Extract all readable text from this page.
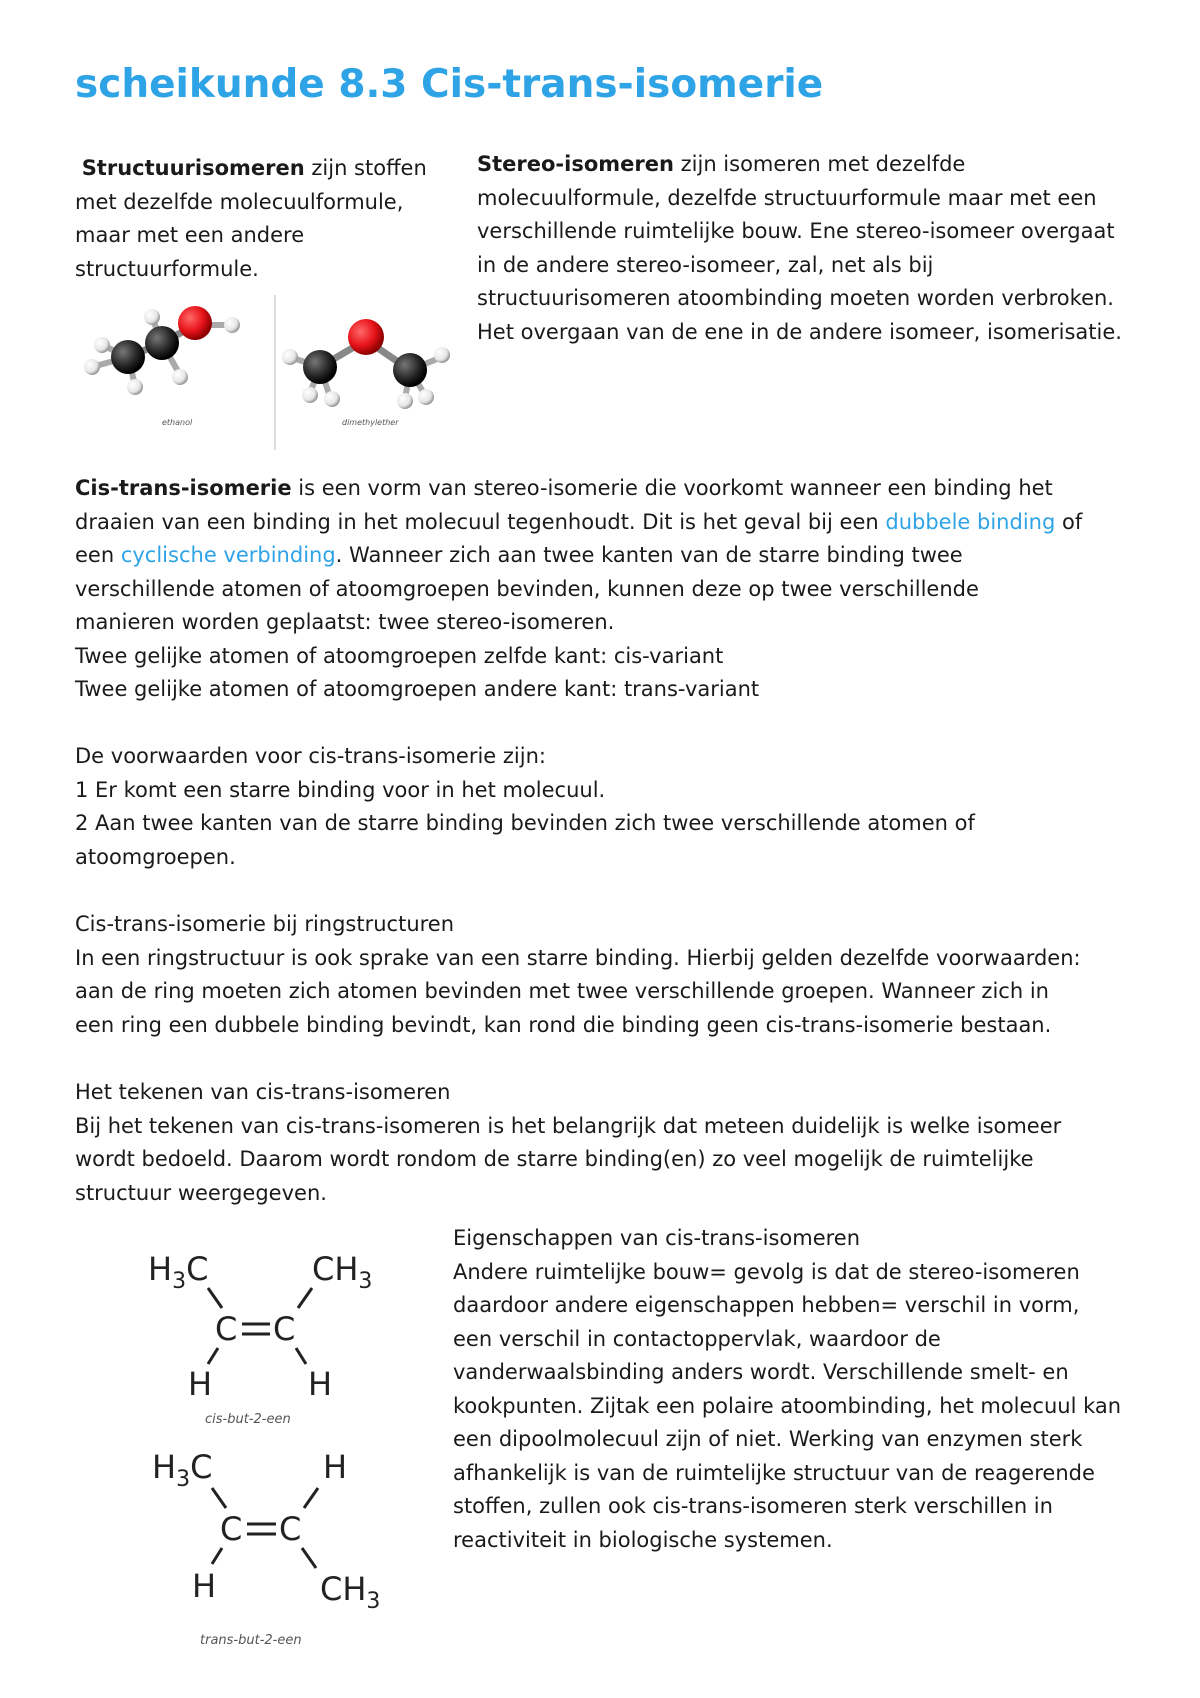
scheikunde 8.3 Cis-trans-isomerie
Structuurisomeren zijn stoffen
met dezelfde molecuulformule,
maar met een andere
structuurformule.
ethanol	dimethylether
Stereo-isomeren zijn isomeren met dezelfde
molecuulformule, dezelfde structuurformule maar met een
verschillende ruimtelijke bouw. Ene stereo-isomeer overgaat
in de andere stereo-isomeer, zal, net als bij
structuurisomeren atoombinding moeten worden verbroken.
Het overgaan van de ene in de andere isomeer, isomerisatie.
Cis-trans-isomerie is een vorm van stereo-isomerie die voorkomt wanneer een binding het
draaien van een binding in het molecuul tegenhoudt. Dit is het geval bij een dubbele binding of
een cyclische verbinding. Wanneer zich aan twee kanten van de starre binding twee
verschillende atomen of atoomgroepen bevinden, kunnen deze op twee verschillende
manieren worden geplaatst: twee stereo-isomeren.
Twee gelijke atomen of atoomgroepen zelfde kant: cis-variant
Twee gelijke atomen of atoomgroepen andere kant: trans-variant
De voorwaarden voor cis-trans-isomerie zijn:
1 Er komt een starre binding voor in het molecuul.
2 Aan twee kanten van de starre binding bevinden zich twee verschillende atomen of
atoomgroepen.
Cis-trans-isomerie bij ringstructuren
In een ringstructuur is ook sprake van een starre binding. Hierbij gelden dezelfde voorwaarden:
aan de ring moeten zich atomen bevinden met twee verschillende groepen. Wanneer zich in
een ring een dubbele binding bevindt, kan rond die binding geen cis-trans-isomerie bestaan.
Het tekenen van cis-trans-isomeren
Bij het tekenen van cis-trans-isomeren is het belangrijk dat meteen duidelijk is welke isomeer
wordt bedoeld. Daarom wordt rondom de starre binding(en) zo veel mogelijk de ruimtelijke
structuur weergegeven.
$H_3C$	$CH_3$
C C
H	H
cis-but-2-een
$H_3C$	H
C C
H	$CH_3$
trans-but-2-een
Eigenschappen van cis-trans-isomeren
Andere ruimtelijke bouw= gevolg is dat de stereo-isomeren
daardoor andere eigenschappen hebben= verschil in vorm,
een verschil in contactoppervlak, waardoor de
vanderwaalsbinding anders wordt. Verschillende smelt- en
kookpunten. Zijtak een polaire atoombinding, het molecuul kan
een dipoolmolecuul zijn of niet. Werking van enzymen sterk
afhankelijk is van de ruimtelijke structuur van de reagerende
stoffen, zullen ook cis-trans-isomeren sterk verschillen in
reactiviteit in biologische systemen.
